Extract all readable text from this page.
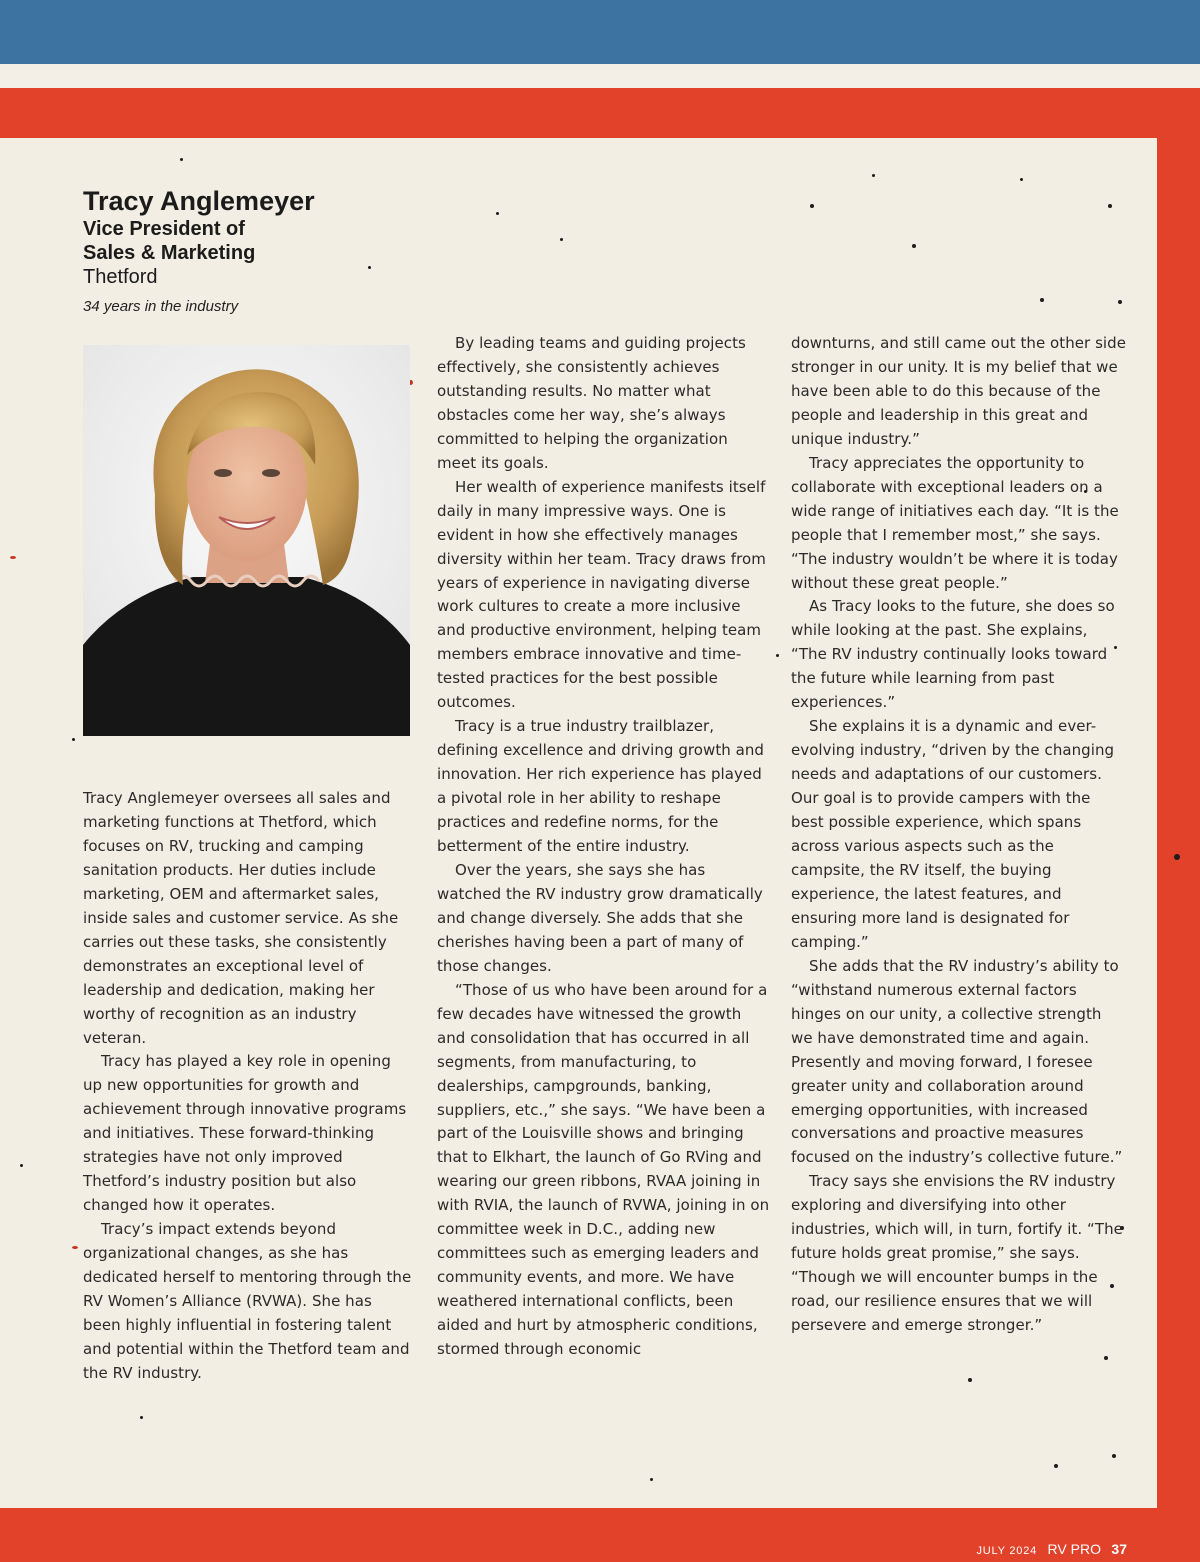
Tracy Anglemeyer
Vice President of
Sales & Marketing
Thetford
34 years in the industry

Tracy Anglemeyer oversees all sales and marketing functions at Thetford, which focuses on RV, trucking and camping sanitation products. Her duties include marketing, OEM and aftermarket sales, inside sales and customer service. As she carries out these tasks, she consistently demonstrates an exceptional level of leadership and dedication, making her worthy of recognition as an industry veteran.

Tracy has played a key role in opening up new opportunities for growth and achievement through innovative programs and initiatives. These forward-thinking strategies have not only improved Thetford’s industry position but also changed how it operates.

Tracy’s impact extends beyond organizational changes, as she has dedicated herself to mentoring through the RV Women’s Alliance (RVWA). She has been highly influential in fostering talent and potential within the Thetford team and the RV industry.

By leading teams and guiding projects effectively, she consistently achieves outstanding results. No matter what obstacles come her way, she’s always committed to helping the organization meet its goals.

Her wealth of experience manifests itself daily in many impressive ways. One is evident in how she effectively manages diversity within her team. Tracy draws from years of experience in navigating diverse work cultures to create a more inclusive and productive environment, helping team members embrace innovative and time-tested practices for the best possible outcomes.

Tracy is a true industry trailblazer, defining excellence and driving growth and innovation. Her rich experience has played a pivotal role in her ability to reshape practices and redefine norms, for the betterment of the entire industry.

Over the years, she says she has watched the RV industry grow dramatically and change diversely. She adds that she cherishes having been a part of many of those changes.

“Those of us who have been around for a few decades have witnessed the growth and consolidation that has occurred in all segments, from manufacturing, to dealerships, campgrounds, banking, suppliers, etc.,” she says. “We have been a part of the Louisville shows and bringing that to Elkhart, the launch of Go RVing and wearing our green ribbons, RVAA joining in with RVIA, the launch of RVWA, joining in on committee week in D.C., adding new committees such as emerging leaders and community events, and more. We have weathered international conflicts, been aided and hurt by atmospheric conditions, stormed through economic

downturns, and still came out the other side stronger in our unity. It is my belief that we have been able to do this because of the people and leadership in this great and unique industry.”

Tracy appreciates the opportunity to collaborate with exceptional leaders on a wide range of initiatives each day. “It is the people that I remember most,” she says. “The industry wouldn’t be where it is today without these great people.”

As Tracy looks to the future, she does so while looking at the past. She explains, “The RV industry continually looks toward the future while learning from past experiences.”

She explains it is a dynamic and ever-evolving industry, “driven by the changing needs and adaptations of our customers. Our goal is to provide campers with the best possible experience, which spans across various aspects such as the campsite, the RV itself, the buying experience, the latest features, and ensuring more land is designated for camping.”

She adds that the RV industry’s ability to “withstand numerous external factors hinges on our unity, a collective strength we have demonstrated time and again. Presently and moving forward, I foresee greater unity and collaboration around emerging opportunities, with increased conversations and proactive measures focused on the industry’s collective future.”

Tracy says she envisions the RV industry exploring and diversifying into other industries, which will, in turn, fortify it. “The future holds great promise,” she says. “Though we will encounter bumps in the road, our resilience ensures that we will persevere and emerge stronger.”

JULY 2024 RV PRO 37
